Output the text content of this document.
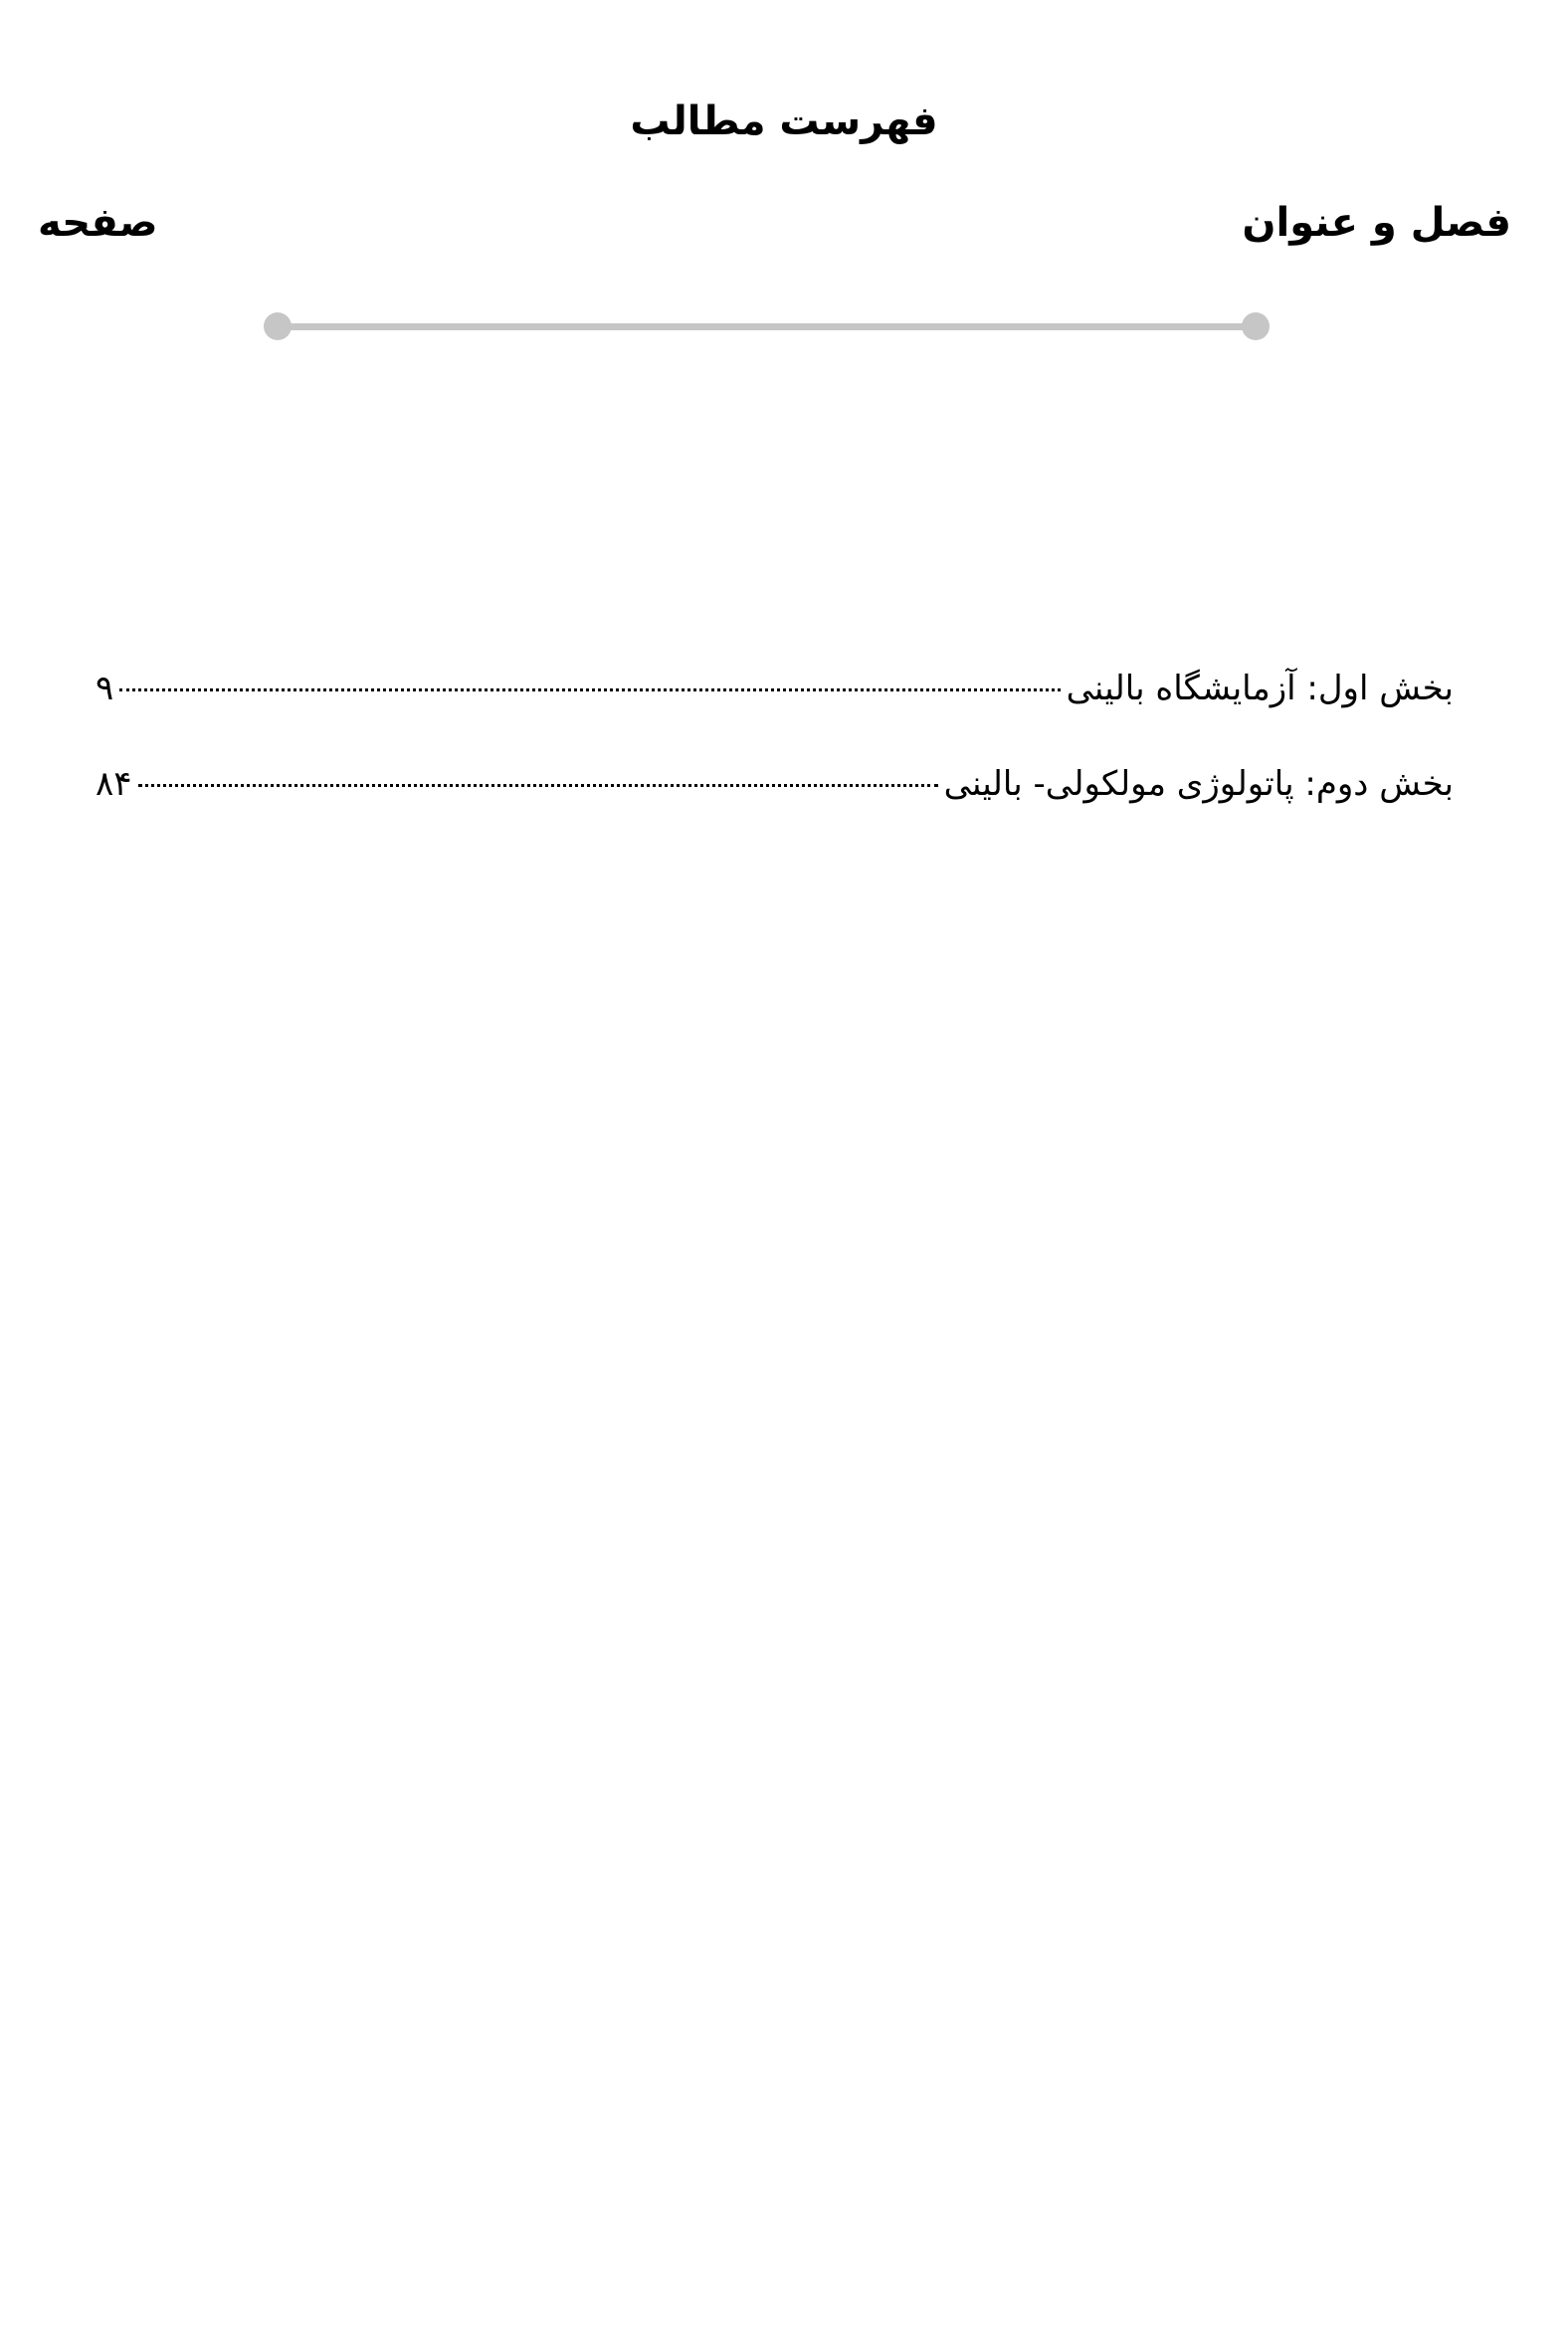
فهرست مطالب
فصل و عنوان
صفحه
بخش اول: آزمایشگاه بالینی
۹
بخش دوم: پاتولوژی مولکولی- بالینی
۸۴
